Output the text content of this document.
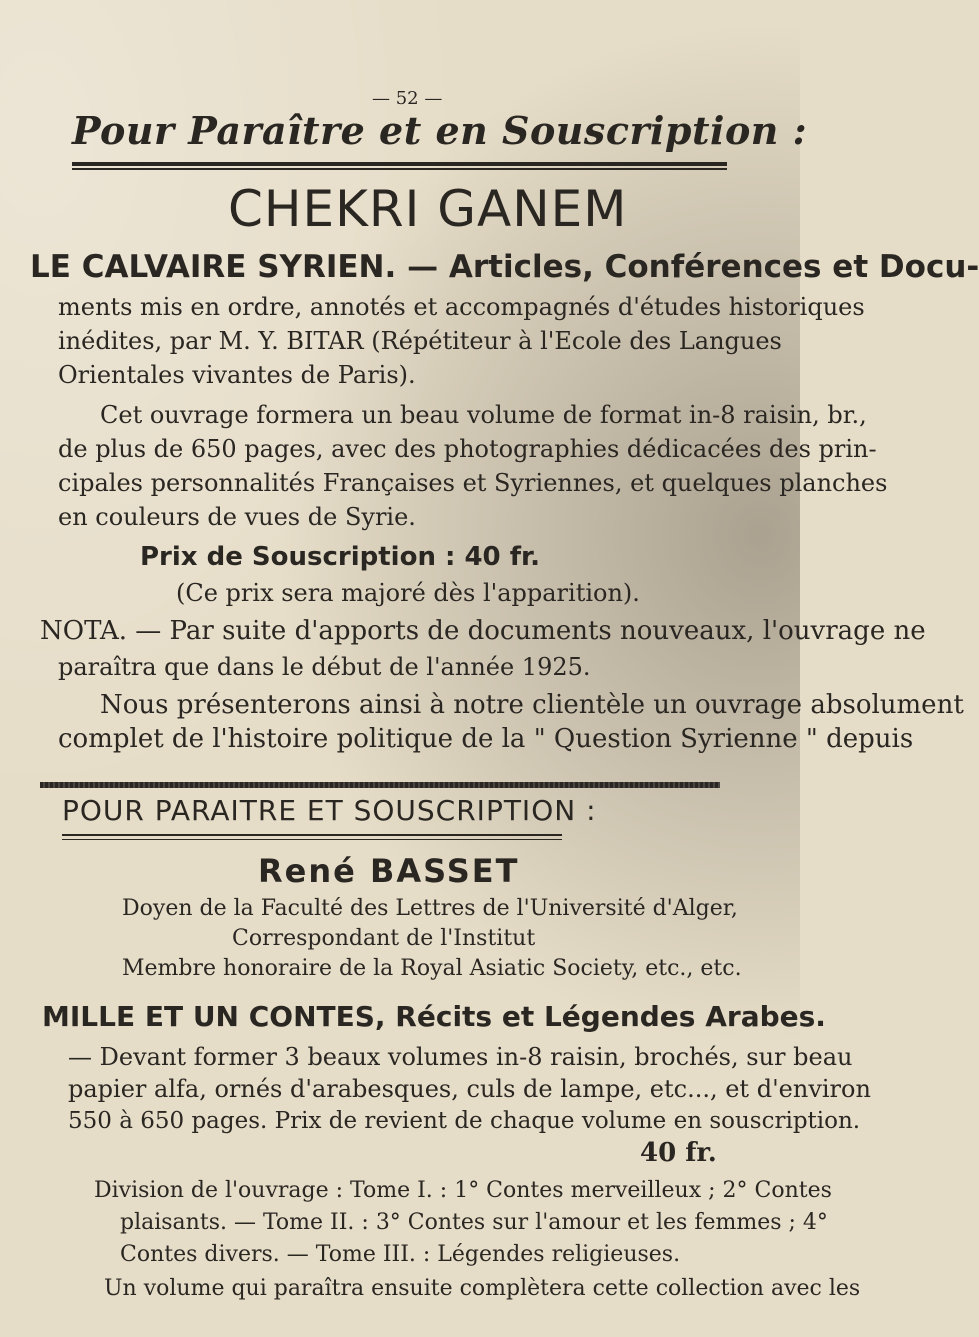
— 52 —
Pour Paraître et en Souscription :
CHEKRI GANEM
LE CALVAIRE SYRIEN. — Articles, Conférences et Docu-
ments mis en ordre, annotés et accompagnés d'études historiques
inédites, par M. Y. BITAR (Répétiteur à l'Ecole des Langues
Orientales vivantes de Paris).
Cet ouvrage formera un beau volume de format in-8 raisin, br.,
de plus de 650 pages, avec des photographies dédicacées des prin-
cipales personnalités Françaises et Syriennes, et quelques planches
en couleurs de vues de Syrie.
Prix de Souscription : 40 fr.
(Ce prix sera majoré dès l'apparition).
NOTA. — Par suite d'apports de documents nouveaux, l'ouvrage ne
paraîtra que dans le début de l'année 1925.
Nous présenterons ainsi à notre clientèle un ouvrage absolument
complet de l'histoire politique de la " Question Syrienne " depuis
POUR PARAITRE ET SOUSCRIPTION :
René BASSET
Doyen de la Faculté des Lettres de l'Université d'Alger,
Correspondant de l'Institut
Membre honoraire de la Royal Asiatic Society, etc., etc.
MILLE ET UN CONTES, Récits et Légendes Arabes.
— Devant former 3 beaux volumes in-8 raisin, brochés, sur beau
papier alfa, ornés d'arabesques, culs de lampe, etc..., et d'environ
550 à 650 pages. Prix de revient de chaque volume en souscription.
40 fr.
Division de l'ouvrage : Tome I. : 1° Contes merveilleux ; 2° Contes
plaisants. — Tome II. : 3° Contes sur l'amour et les femmes ; 4°
Contes divers. — Tome III. : Légendes religieuses.
Un volume qui paraîtra ensuite complètera cette collection avec les
